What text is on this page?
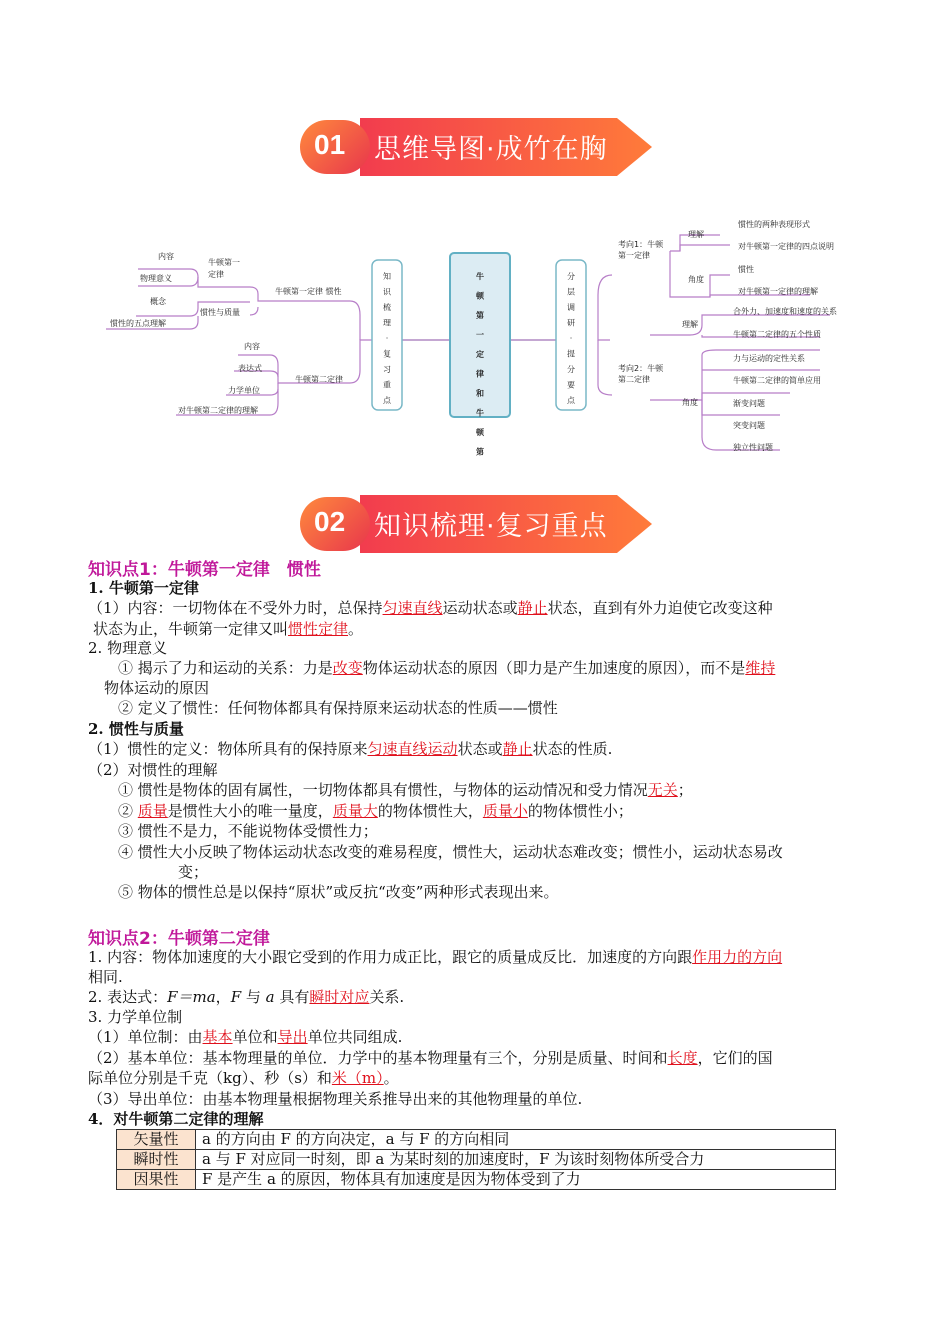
01 思维导图·成竹在胸
牛
顿
第
一
定
律
和
牛
顿
第
知
识
梳
理
·
复
习
重
点
分
层
调
研
·
提
分
要
点
内容
物理意义
概念
惯性的五点理解
牛顿第一
定律
惯性与质量
牛顿第一定律 惯性
内容
表达式
力学单位
对牛顿第二定律的理解
牛顿第二定律
考向1：牛顿
第一定律
理解
角度
惯性的两种表现形式
对牛顿第一定律的四点说明
惯性
对牛顿第一定律的理解
考向2：牛顿
第二定律
理解
角度
合外力、加速度和速度的关系
牛顿第二定律的五个性质
力与运动的定性关系
牛顿第二定律的简单应用
渐变问题
突变问题
独立性问题
02 知识梳理·复习重点
知识点1：牛顿第一定律　惯性
1. 牛顿第一定律
（1）内容：一切物体在不受外力时，总保持匀速直线运动状态或静止状态，直到有外力迫使它改变这种
状态为止，牛顿第一定律又叫惯性定律。
2. 物理意义
① 揭示了力和运动的关系：力是改变物体运动状态的原因（即力是产生加速度的原因），而不是维持
物体运动的原因
② 定义了惯性：任何物体都具有保持原来运动状态的性质——惯性
2. 惯性与质量
（1）惯性的定义：物体所具有的保持原来匀速直线运动状态或静止状态的性质.
（2）对惯性的理解
① 惯性是物体的固有属性，一切物体都具有惯性，与物体的运动情况和受力情况无关；
② 质量是惯性大小的唯一量度，质量大的物体惯性大，质量小的物体惯性小；
③ 惯性不是力，不能说物体受惯性力；
④ 惯性大小反映了物体运动状态改变的难易程度，惯性大，运动状态难改变；惯性小，运动状态易改
变；
⑤ 物体的惯性总是以保持“原状”或反抗“改变”两种形式表现出来。
知识点2：牛顿第二定律
1. 内容：物体加速度的大小跟它受到的作用力成正比，跟它的质量成反比．加速度的方向跟作用力的方向
相同.
2. 表达式：F＝ma，F 与 a 具有瞬时对应关系.
3. 力学单位制
（1）单位制：由基本单位和导出单位共同组成.
（2）基本单位：基本物理量的单位．力学中的基本物理量有三个，分别是质量、时间和长度，它们的国
际单位分别是千克（kg）、秒（s）和米（m）。
（3）导出单位：由基本物理量根据物理关系推导出来的其他物理量的单位.
4．对牛顿第二定律的理解
矢量性	a 的方向由 F 的方向决定，a 与 F 的方向相同
瞬时性	a 与 F 对应同一时刻，即 a 为某时刻的加速度时，F 为该时刻物体所受合力
因果性	F 是产生 a 的原因，物体具有加速度是因为物体受到了力
